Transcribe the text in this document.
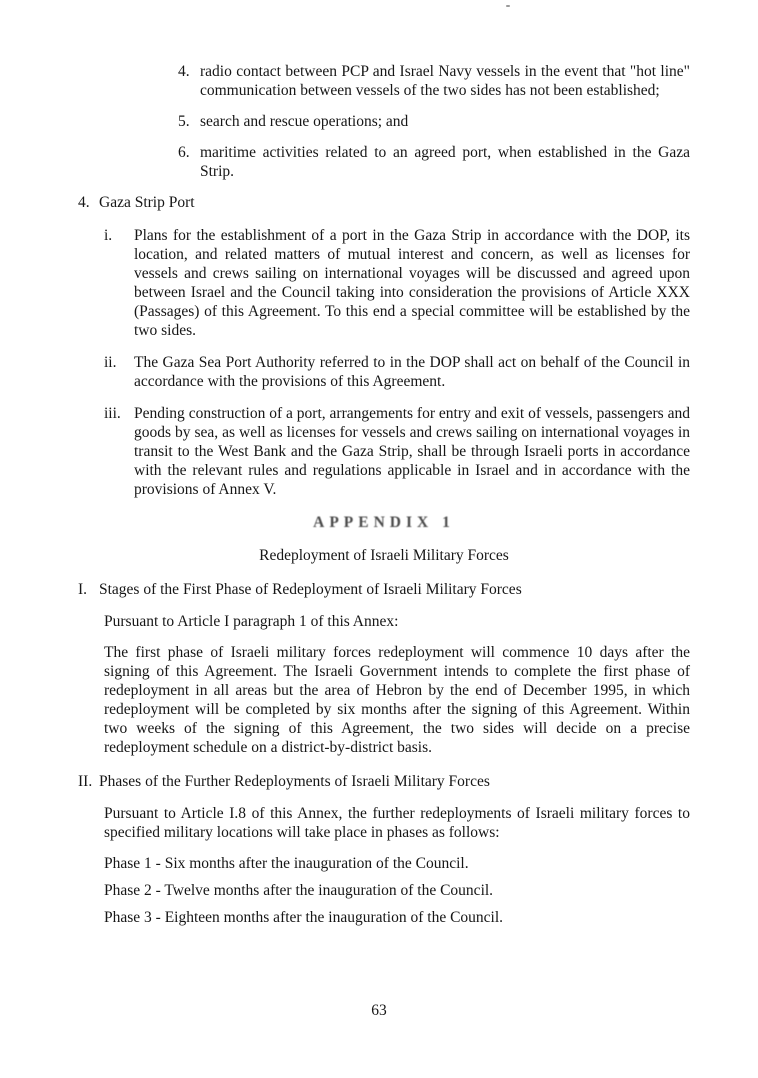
4. radio contact between PCP and Israel Navy vessels in the event that "hot line" communication between vessels of the two sides has not been established;
5. search and rescue operations; and
6. maritime activities related to an agreed port, when established in the Gaza Strip.
4. Gaza Strip Port
i.	Plans for the establishment of a port in the Gaza Strip in accordance with the DOP, its location, and related matters of mutual interest and concern, as well as licenses for vessels and crews sailing on international voyages will be discussed and agreed upon between Israel and the Council taking into consideration the provisions of Article XXX (Passages) of this Agreement. To this end a special committee will be established by the two sides.
ii.	The Gaza Sea Port Authority referred to in the DOP shall act on behalf of the Council in accordance with the provisions of this Agreement.
iii. Pending construction of a port, arrangements for entry and exit of vessels, passengers and goods by sea, as well as licenses for vessels and crews sailing on international voyages in transit to the West Bank and the Gaza Strip, shall be through Israeli ports in accordance with the relevant rules and regulations applicable in Israel and in accordance with the provisions of Annex V.
APPENDIX 1
Redeployment of Israeli Military Forces
I. Stages of the First Phase of Redeployment of Israeli Military Forces
Pursuant to Article I paragraph 1 of this Annex:
The first phase of Israeli military forces redeployment will commence 10 days after the signing of this Agreement. The Israeli Government intends to complete the first phase of redeployment in all areas but the area of Hebron by the end of December 1995, in which redeployment will be completed by six months after the signing of this Agreement. Within two weeks of the signing of this Agreement, the two sides will decide on a precise redeployment schedule on a district-by-district basis.
II. Phases of the Further Redeployments of Israeli Military Forces
Pursuant to Article I.8 of this Annex, the further redeployments of Israeli military forces to specified military locations will take place in phases as follows:
Phase 1 - Six months after the inauguration of the Council.
Phase 2 - Twelve months after the inauguration of the Council.
Phase 3 - Eighteen months after the inauguration of the Council.
63
